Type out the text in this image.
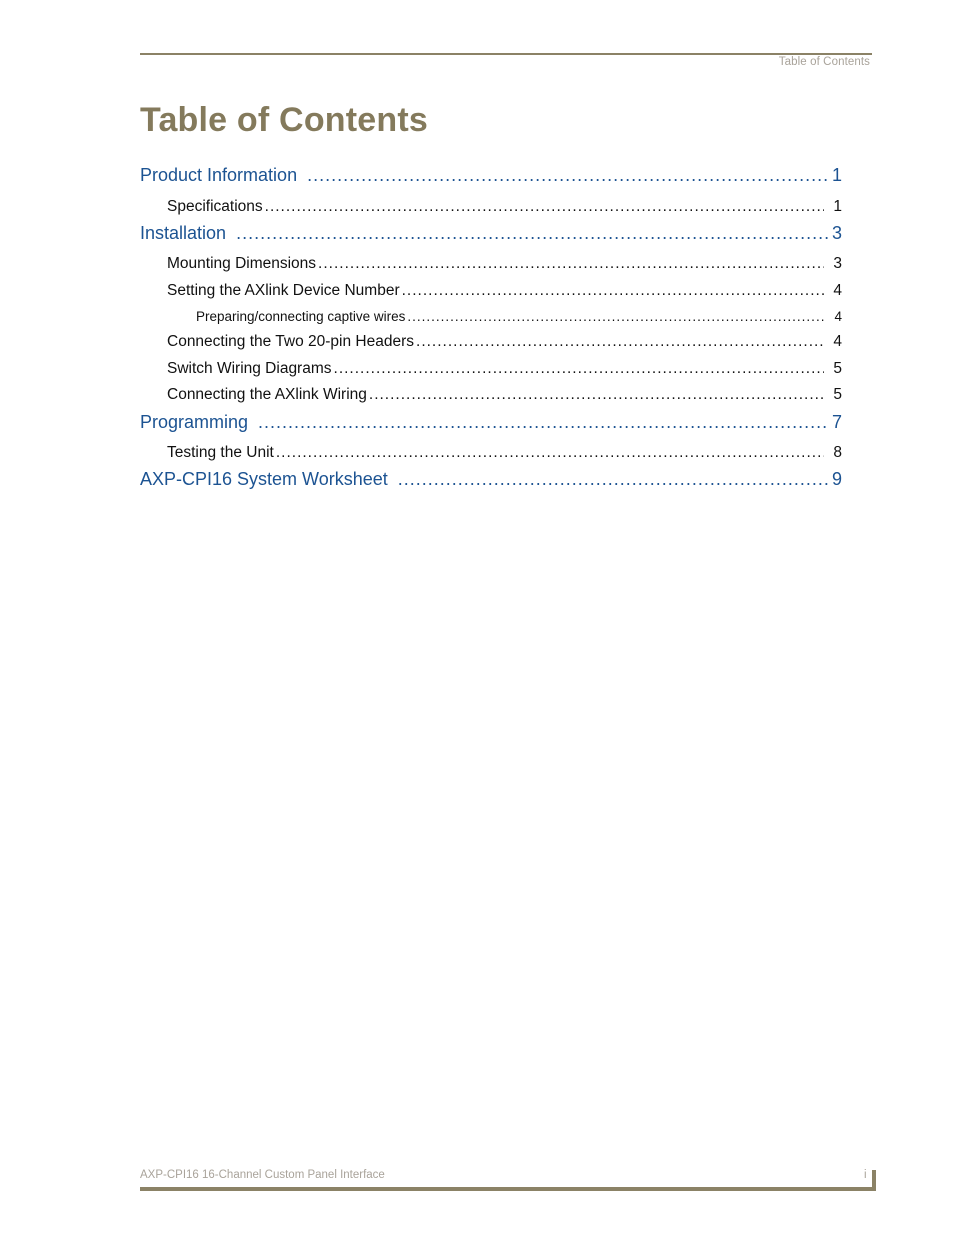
Table of Contents
Table of Contents
Product Information .....	1
Specifications .....	1
Installation .....	3
Mounting Dimensions .....	3
Setting the AXlink Device Number .....	4
Preparing/connecting captive wires .....	4
Connecting the Two 20-pin Headers .....	4
Switch Wiring Diagrams .....	5
Connecting the AXlink Wiring .....	5
Programming .....	7
Testing the Unit .....	8
AXP-CPI16 System Worksheet .....	9
AXP-CPI16 16-Channel Custom Panel Interface	i
